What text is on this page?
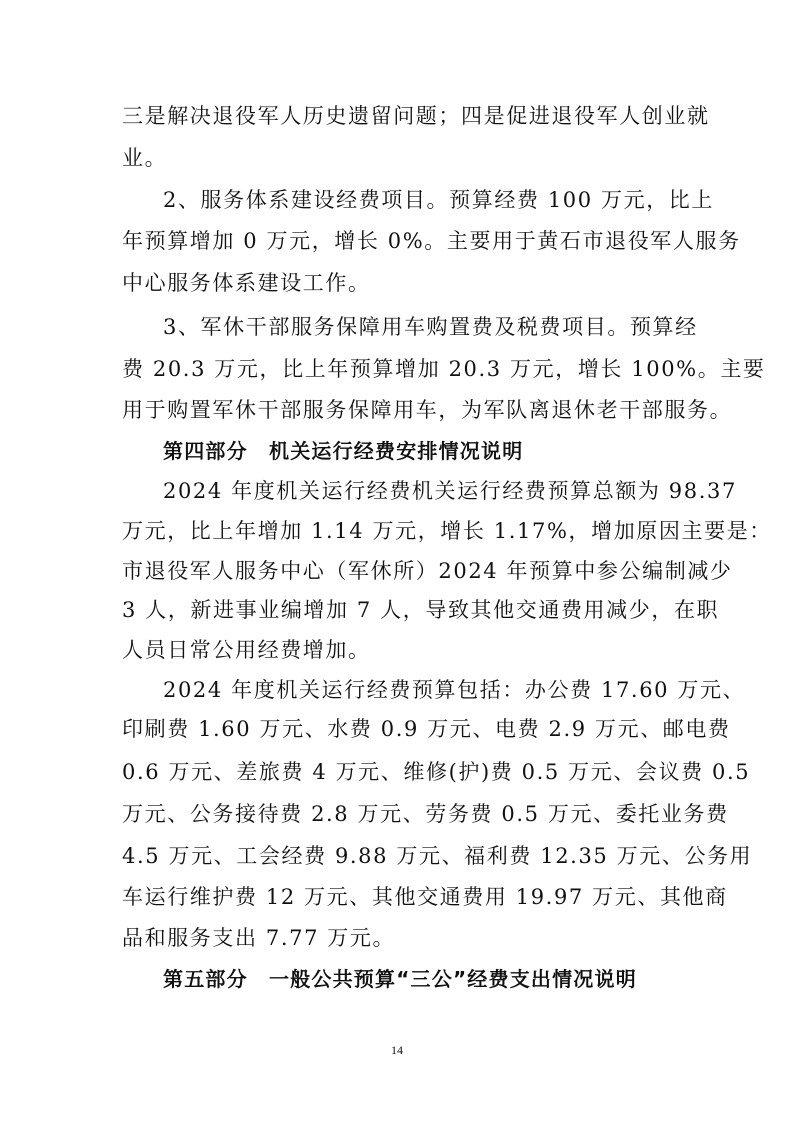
三是解决退役军人历史遗留问题；四是促进退役军人创业就
业。
2、服务体系建设经费项目。预算经费 100 万元，比上
年预算增加 0 万元，增长 0%。主要用于黄石市退役军人服务
中心服务体系建设工作。
3、军休干部服务保障用车购置费及税费项目。预算经
费 20.3 万元，比上年预算增加 20.3 万元，增长 100%。主要
用于购置军休干部服务保障用车，为军队离退休老干部服务。
第四部分　机关运行经费安排情况说明
2024 年度机关运行经费机关运行经费预算总额为 98.37
万元，比上年增加 1.14 万元，增长 1.17%，增加原因主要是：
市退役军人服务中心（军休所）2024 年预算中参公编制减少
3 人，新进事业编增加 7 人，导致其他交通费用减少，在职
人员日常公用经费增加。
2024 年度机关运行经费预算包括：办公费 17.60 万元、
印刷费 1.60 万元、水费 0.9 万元、电费 2.9 万元、邮电费
0.6 万元、差旅费 4 万元、维修(护)费 0.5 万元、会议费 0.5
万元、公务接待费 2.8 万元、劳务费 0.5 万元、委托业务费
4.5 万元、工会经费 9.88 万元、福利费 12.35 万元、公务用
车运行维护费 12 万元、其他交通费用 19.97 万元、其他商
品和服务支出 7.77 万元。
第五部分　一般公共预算“三公”经费支出情况说明
14
